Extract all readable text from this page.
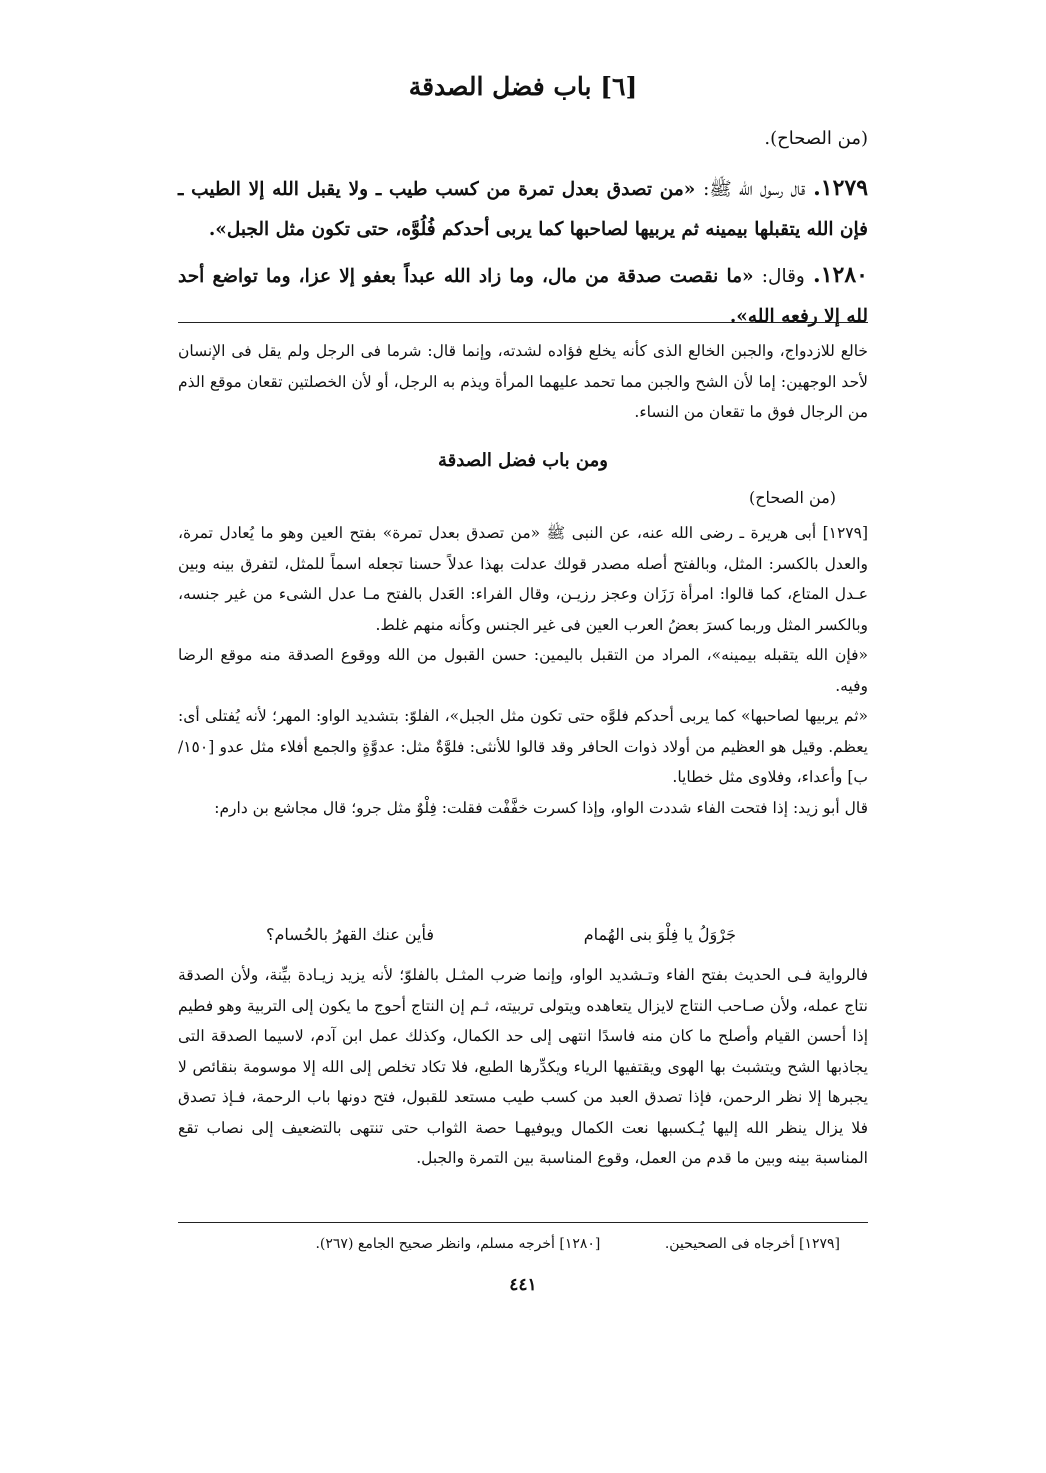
[٦] باب فضل الصدقة
(من الصحاح).
١٢٧٩. قال رسول الله ﷺ: «من تصدق بعدل تمرة من كسب طيب ـ ولا يقبل الله إلا الطيب ـ فإن الله يتقبلها بيمينه ثم يربيها لصاحبها كما يربى أحدكم فُلُوَّه، حتى تكون مثل الجبل».
١٢٨٠. وقال: «ما نقصت صدقة من مال، وما زاد الله عبداً بعفو إلا عزا، وما تواضع أحد لله إلا رفعه الله».

خالع للازدواج، والجبن الخالع الذى كأنه يخلع فؤاده لشدته، وإنما قال: شرما فى الرجل ولم يقل فى الإنسان لأحد الوجهين: إما لأن الشح والجبن مما تحمد عليهما المرأة ويذم به الرجل، أو لأن الخصلتين تقعان موقع الذم من الرجال فوق ما تقعان من النساء.

ومن باب فضل الصدقة
(من الصحاح)

[١٢٧٩] أبى هريرة ـ رضى الله عنه، عن النبى ﷺ «من تصدق بعدل تمرة» بفتح العين وهو ما يُعادل تمرة، والعدل بالكسر: المثل، وبالفتح أصله مصدر قولك عدلت بهذا عدلاً حسنا تجعله اسماً للمثل، لتفرق بينه وبين عـدل المتاع، كما قالوا: امرأة رَزَان وعجز رزيـن، وقال الفراء: العَدل بالفتح مـا عدل الشىء من غير جنسه، وبالكسر المثل وربما كسرَ بعضُ العرب العين فى غير الجنس وكأنه منهم غلط.

«فإن الله يتقبله بيمينه»، المراد من التقبل باليمين: حسن القبول من الله ووقوع الصدقة منه موقع الرضا وفيه.

«ثم يربيها لصاحبها» كما يربى أحدكم فلوَّه حتى تكون مثل الجبل»، الفلوّ: بتشديد الواو: المهر؛ لأنه يُفتلى أى: يعظم. وقيل هو العظيم من أولاد ذوات الحافر وقد قالوا للأنثى: فلوَّةٌ مثل: عدوَّةٍ والجمع أفلاء مثل عدو [١٥٠/ب] وأعداء، وفلاوى مثل خطايا.

قال أبو زيد: إذا فتحت الفاء شددت الواو، وإذا كسرت خفَّفْت فقلت: فِلْوٌ مثل جرو؛ قال مجاشع بن دارم:

جَرْوَلُ يا فِلْوَ بنى الهُمام
فأين عنك القهرُ بالحُسام؟

فالرواية فـى الحديث بفتح الفاء وتـشديد الواو، وإنما ضرب المثـل بالفلوّ؛ لأنه يزيد زيـادة بيِّنة، ولأن الصدقة نتاج عمله، ولأن صـاحب النتاج لايزال يتعاهده ويتولى تربيته، ثـم إن النتاج أحوج ما يكون إلى التربية وهو فطيم إذا أحسن القيام وأصلح ما كان منه فاسدًا انتهى إلى حد الكمال، وكذلك عمل ابن آدم، لاسيما الصدقة التى يجاذبها الشح ويتشبث بها الهوى ويقتفيها الرياء ويكدِّرها الطبع، فلا تكاد تخلص إلى الله إلا موسومة بنقائص لا يجبرها إلا نظر الرحمن، فإذا تصدق العبد من كسب طيب مستعد للقبول، فتح دونها باب الرحمة، فـإذ تصدق فلا يزال ينظر الله إليها يُـكسبها نعت الكمال ويوفيهـا حصة الثواب حتى تنتهى بالتضعيف إلى نصاب تقع المناسبة بينه وبين ما قدم من العمل، وقوع المناسبة بين التمرة والجبل.

[١٢٧٩] أخرجاه فى الصحيحين. [١٢٨٠] أخرجه مسلم، وانظر صحيح الجامع (٢٦٧).
٤٤١
